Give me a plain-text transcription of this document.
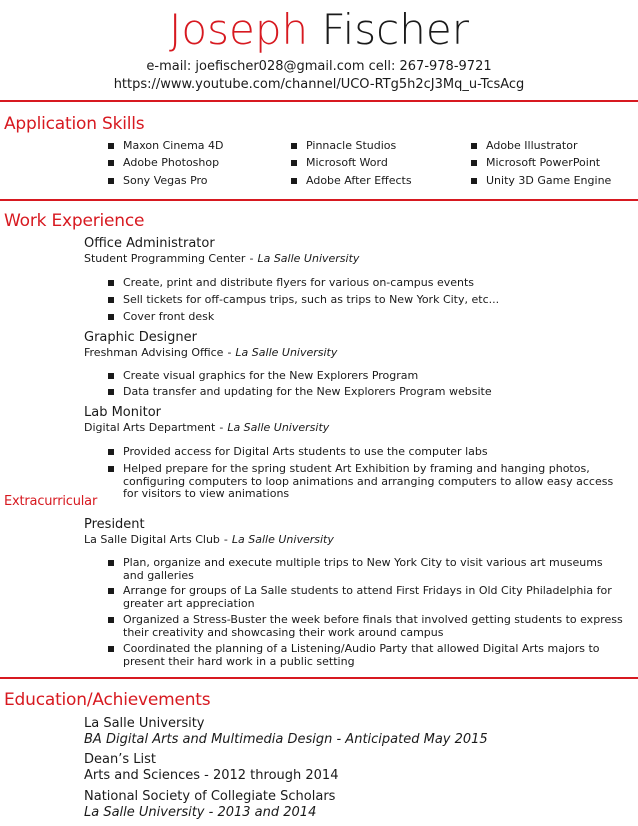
Joseph Fischer
e-mail: joefischer028@gmail.com cell: 267-978-9721
https://www.youtube.com/channel/UCO-RTg5h2cJ3Mq_u-TcsAcg
Application Skills
Maxon Cinema 4D
Adobe Photoshop
Sony Vegas Pro
Pinnacle Studios
Microsoft Word
Adobe After Effects
Adobe Illustrator
Microsoft PowerPoint
Unity 3D Game Engine
Work Experience
Office Administrator
Student Programming Center - La Salle University
Create, print and distribute flyers for various on-campus events
Sell tickets for off-campus trips, such as trips to New York City, etc...
Cover front desk
Graphic Designer
Freshman Advising Office - La Salle University
Create visual graphics for the New Explorers Program
Data transfer and updating for the New Explorers Program website
Lab Monitor
Digital Arts Department - La Salle University
Provided access for Digital Arts students to use the computer labs
Helped prepare for the spring student Art Exhibition by framing and hanging photos, configuring computers to loop animations and arranging computers to allow easy access for visitors to view animations
Extracurricular
President
La Salle Digital Arts Club - La Salle University
Plan, organize and execute multiple trips to New York City to visit various art museums and galleries
Arrange for groups of La Salle students to attend First Fridays in Old City Philadelphia for greater art appreciation
Organized a Stress-Buster the week before finals that involved getting students to express their creativity and showcasing their work around campus
Coordinated the planning of a Listening/Audio Party that allowed Digital Arts majors to present their hard work in a public setting
Education/Achievements
La Salle University
BA Digital Arts and Multimedia Design - Anticipated May 2015
Dean’s List
Arts and Sciences - 2012 through 2014
National Society of Collegiate Scholars
La Salle University - 2013 and 2014
